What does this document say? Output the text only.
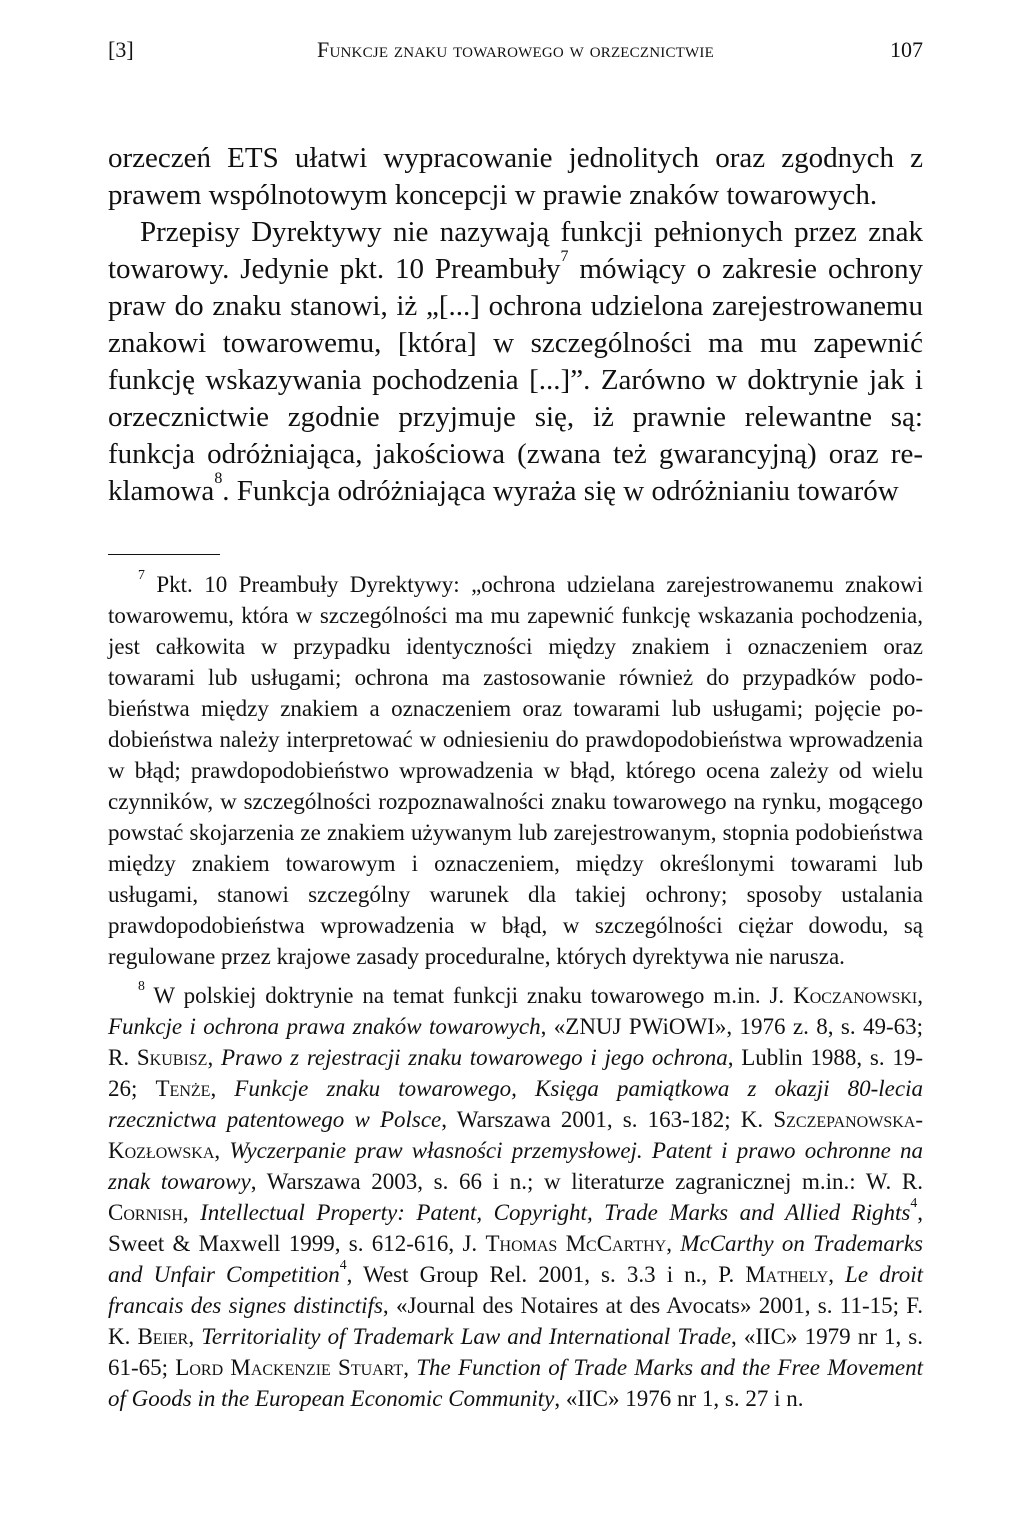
[3]	Funkcje znaku towarowego w orzecznictwie	107

orzeczeń ETS ułatwi wypracowanie jednolitych oraz zgodnych z prawem wspólnotowym koncepcji w prawie znaków towarowych.

Przepisy Dyrektywy nie nazywają funkcji pełnionych przez znak towarowy. Jedynie pkt. 10 Preambuły$^7$ mówiący o zakresie ochrony praw do znaku stanowi, iż „[...] ochrona udzielona zarejestrowanemu znakowi towarowemu, [która] w szczególności ma mu zapewnić funkcję wskazywania pochodzenia [...]”. Zarówno w doktrynie jak i orzecznictwie zgodnie przyjmuje się, iż prawnie relewantne są: funkcja odróżniająca, jakościowa (zwana też gwarancyjną) oraz reklamowa$^8$. Funkcja odróżniająca wyraża się w odróżnianiu towarów

$^7$ Pkt. 10 Preambuły Dyrektywy: „ochrona udzielana zarejestrowanemu znakowi towarowemu, która w szczególności ma mu zapewnić funkcję wskazania pochodzenia, jest całkowita w przypadku identyczności między znakiem i oznaczeniem oraz towarami lub usługami; ochrona ma zastosowanie również do przypadków podobieństwa między znakiem a oznaczeniem oraz towarami lub usługami; pojęcie podobieństwa należy interpretować w odniesieniu do prawdopodobieństwa wprowadzenia w błąd; prawdopodobieństwo wprowadzenia w błąd, którego ocena zależy od wielu czynników, w szczególności rozpoznawalności znaku towarowego na rynku, mogącego powstać skojarzenia ze znakiem używanym lub zarejestrowanym, stopnia podobieństwa między znakiem towarowym i oznaczeniem, między określonymi towarami lub usługami, stanowi szczególny warunek dla takiej ochrony; sposoby ustalania prawdopodobieństwa wprowadzenia w błąd, w szczególności ciężar dowodu, są regulowane przez krajowe zasady proceduralne, których dyrektywa nie narusza.

$^8$ W polskiej doktrynie na temat funkcji znaku towarowego m.in. J. Koczanowski, Funkcje i ochrona prawa znaków towarowych, «ZNUJ PWiOWI», 1976 z. 8, s. 49-63; R. Skubisz, Prawo z rejestracji znaku towarowego i jego ochrona, Lublin 1988, s. 19-26; Tenże, Funkcje znaku towarowego, Księga pamiątkowa z okazji 80-lecia rzecznictwa patentowego w Polsce, Warszawa 2001, s. 163-182; K. Szczepanowska-Kozłowska, Wyczerpanie praw własności przemysłowej. Patent i prawo ochronne na znak towarowy, Warszawa 2003, s. 66 i n.; w literaturze zagranicznej m.in.: W. R. Cornish, Intellectual Property: Patent, Copyright, Trade Marks and Allied Rights$^4$, Sweet & Maxwell 1999, s. 612-616, J. Thomas McCarthy, McCarthy on Trademarks and Unfair Competition$^4$, West Group Rel. 2001, s. 3.3 i n., P. Mathely, Le droit francais des signes distinctifs, «Journal des Notaires at des Avocats» 2001, s. 11-15; F. K. Beier, Territoriality of Trademark Law and International Trade, «IIC» 1979 nr 1, s. 61-65; Lord Mackenzie Stuart, The Function of Trade Marks and the Free Movement of Goods in the European Economic Community, «IIC» 1976 nr 1, s. 27 i n.
